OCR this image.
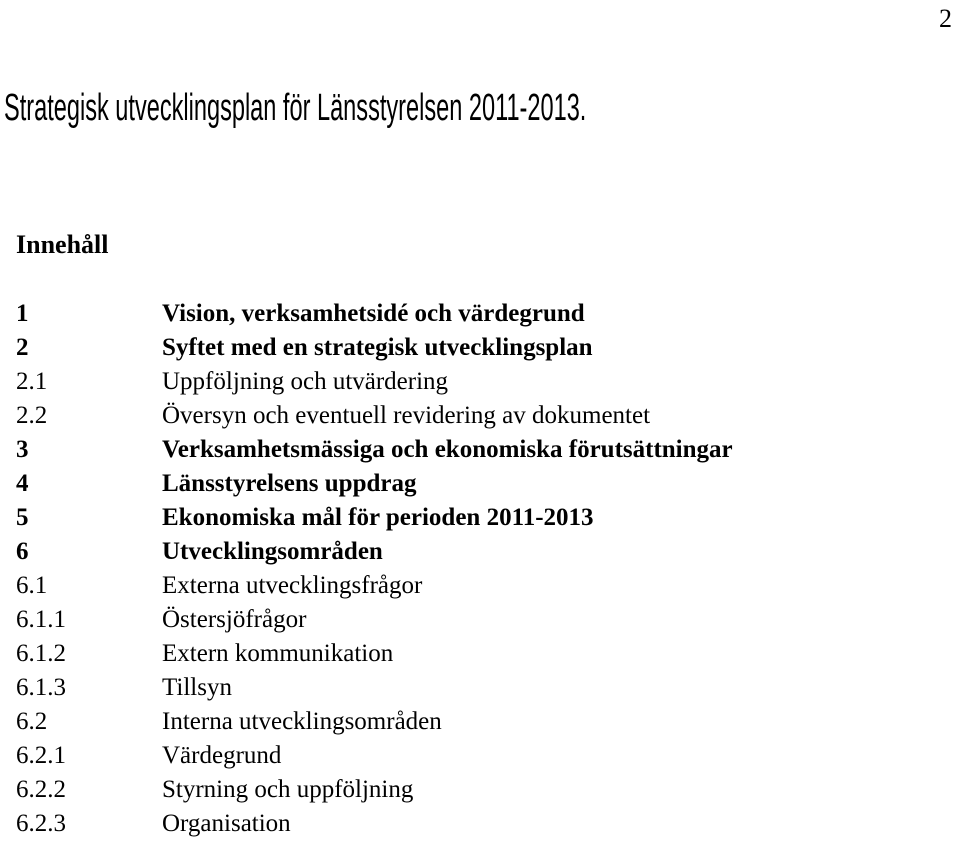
2
Strategisk utvecklingsplan för Länsstyrelsen 2011-2013.
Innehåll
1	Vision, verksamhetsidé och värdegrund
2	Syftet med en strategisk utvecklingsplan
2.1	Uppföljning och utvärdering
2.2	Översyn och eventuell revidering av dokumentet
3	Verksamhetsmässiga och ekonomiska förutsättningar
4	Länsstyrelsens uppdrag
5	Ekonomiska mål för perioden 2011-2013
6	Utvecklingsområden
6.1	Externa utvecklingsfrågor
6.1.1	Östersjöfrågor
6.1.2	Extern kommunikation
6.1.3	Tillsyn
6.2	Interna utvecklingsområden
6.2.1	Värdegrund
6.2.2	Styrning och uppföljning
6.2.3	Organisation
